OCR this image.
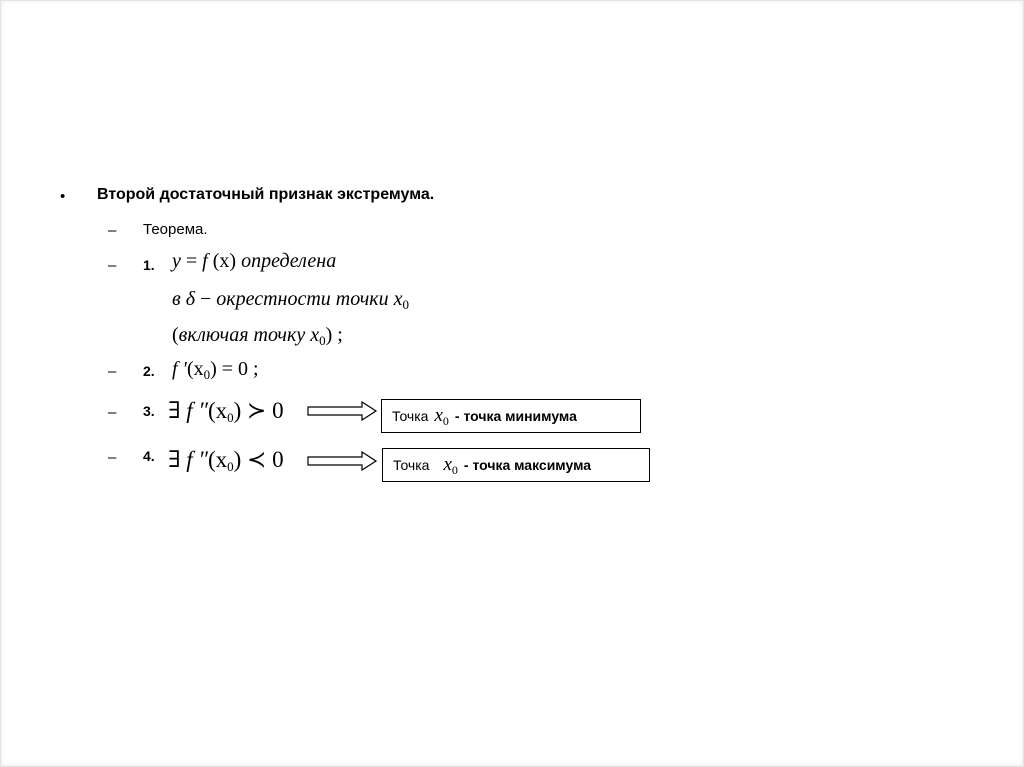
• Второй достаточный признак экстремума.
– Теорема.
– 1. y = f (x) определена
в δ − окрестности точки $x_0$
(включая точку $x_0$) ;
– 2. f $'(x_0) = 0$ ;
– 3. ∃ f $''(x_0)$ ≻ 0	Точка $x_0$ - точка минимума
– 4. ∃ f $''(x_0)$ ≺ 0	Точка $x_0$ - точка максимума
